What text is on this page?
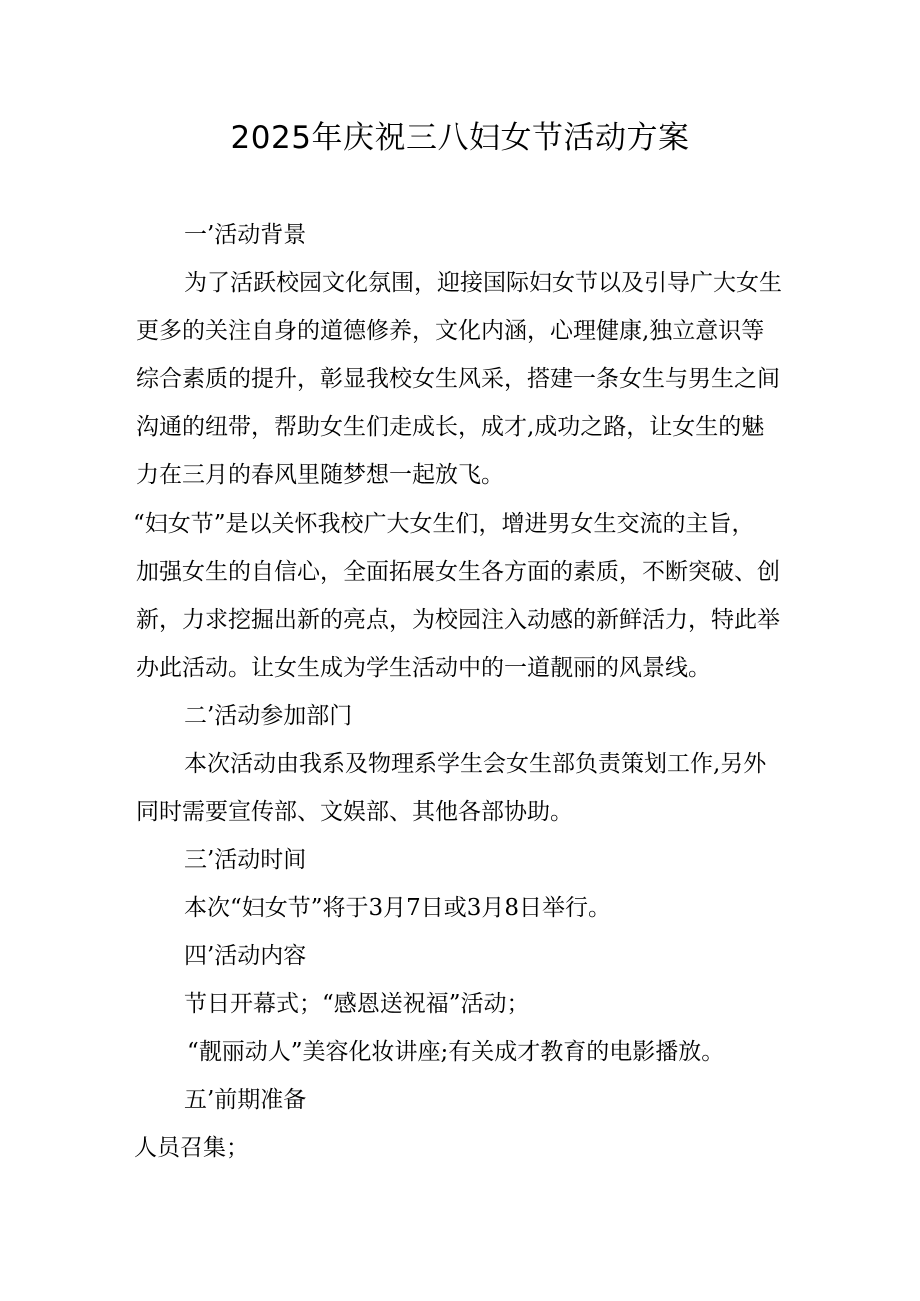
2025年庆祝三八妇女节活动方案
一’活动背景
为了活跃校园文化氛围，迎接国际妇女节以及引导广大女生
更多的关注自身的道德修养，文化内涵，心理健康,独立意识等
综合素质的提升，彰显我校女生风采，搭建一条女生与男生之间
沟通的纽带，帮助女生们走成长，成才,成功之路，让女生的魅
力在三月的春风里随梦想一起放飞。
“妇女节”是以关怀我校广大女生们，增进男女生交流的主旨，
加强女生的自信心，全面拓展女生各方面的素质，不断突破、创
新，力求挖掘出新的亮点，为校园注入动感的新鲜活力，特此举
办此活动。让女生成为学生活动中的一道靓丽的风景线。
二’活动参加部门
本次活动由我系及物理系学生会女生部负责策划工作,另外
同时需要宣传部、文娱部、其他各部协助。
三’活动时间
本次“妇女节”将于3月7日或3月8日举行。
四’活动内容
节日开幕式；“感恩送祝福”活动；
“靓丽动人”美容化妆讲座;有关成才教育的电影播放。
五’前期准备
人员召集；
